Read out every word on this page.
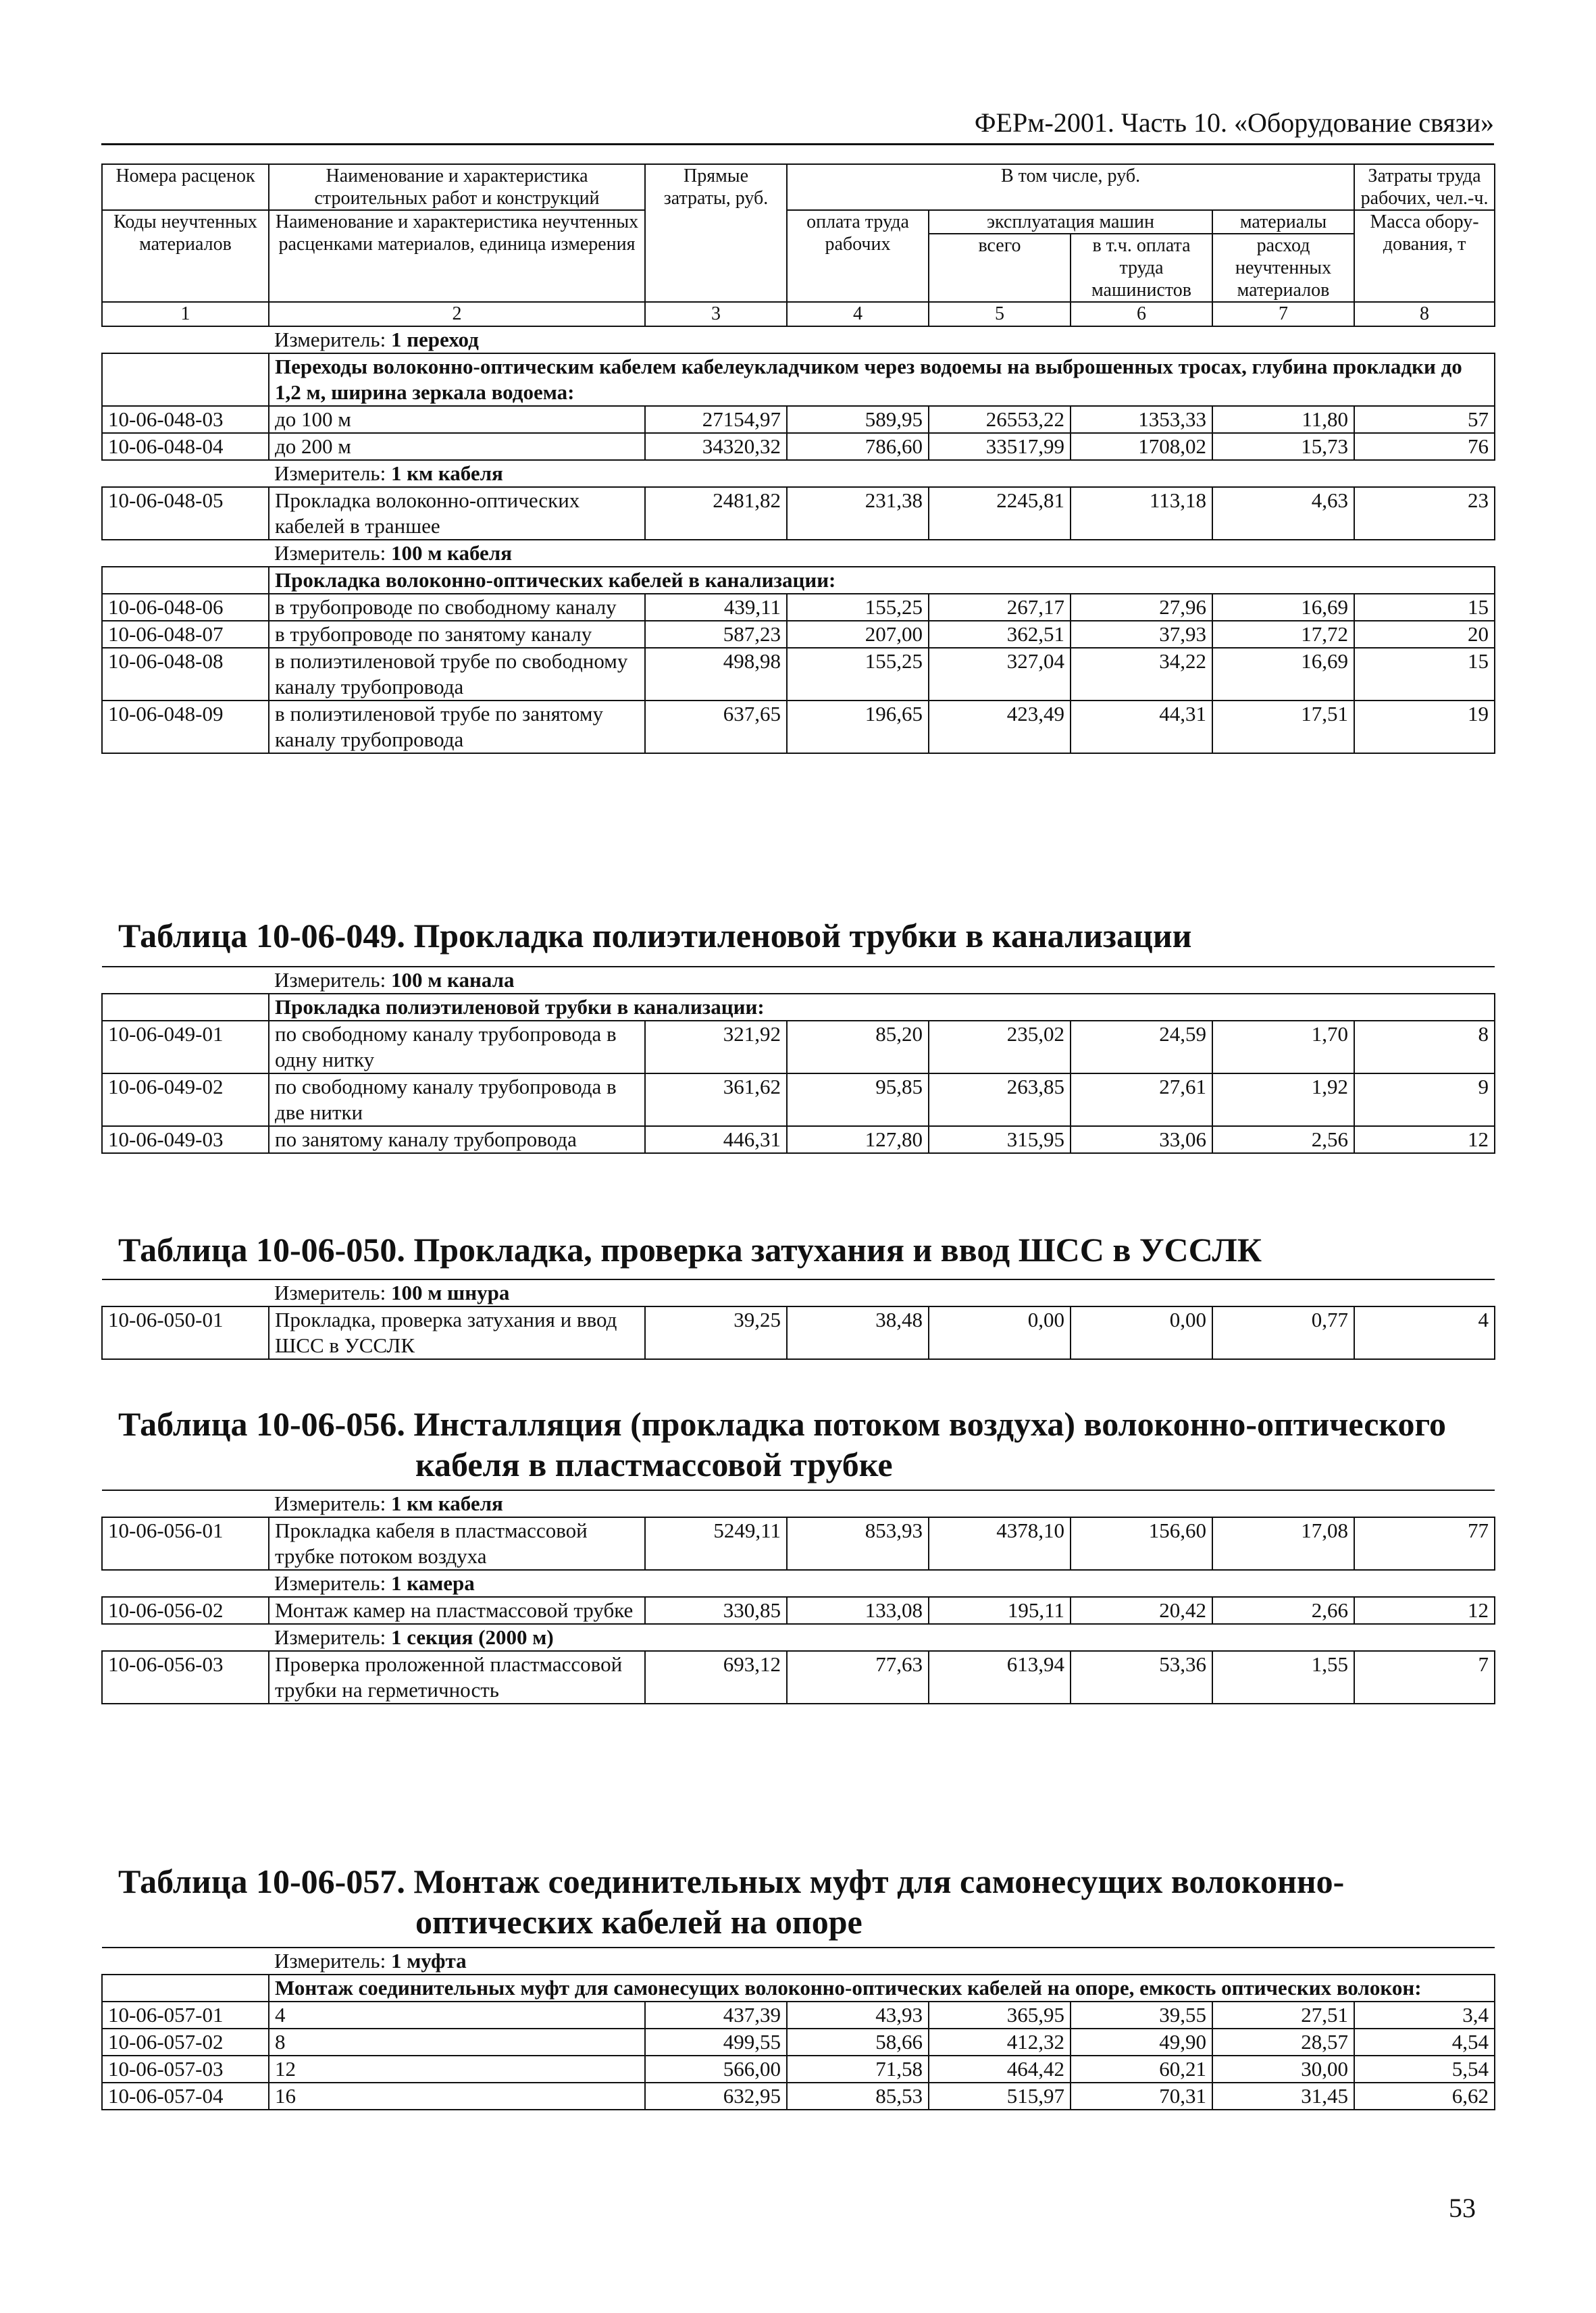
ФЕРм-2001. Часть 10. «Оборудование связи»
Номера расценок	Наименование и характеристика строительных работ и конструкций	Прямые затраты, руб.	В том числе, руб.				Затраты труда рабочих, чел.-ч.
Коды неучтенных материалов	Наименование и характеристика неучтенных расценками материалов, единица измерения		оплата труда рабочих	эксплуатация машин		материалы	Масса обору-дования, т
				всего	в т.ч. оплата труда машинистов	расход неучтенных материалов	
1	2	3	4	5	6	7	8
	Измеритель: 1 переход						
	Переходы волоконно-оптическим кабелем кабелеукладчиком через водоемы на выброшенных тросах, глубина прокладки до 1,2 м, ширина зеркала водоема:						
10-06-048-03	до 100 м	27154,97	589,95	26553,22	1353,33	11,80	57
10-06-048-04	до 200 м	34320,32	786,60	33517,99	1708,02	15,73	76
	Измеритель: 1 км кабеля						
10-06-048-05	Прокладка волоконно-оптических кабелей в траншее	2481,82	231,38	2245,81	113,18	4,63	23
	Измеритель: 100 м кабеля						
	Прокладка волоконно-оптических кабелей в канализации:						
10-06-048-06	в трубопроводе по свободному каналу	439,11	155,25	267,17	27,96	16,69	15
10-06-048-07	в трубопроводе по занятому каналу	587,23	207,00	362,51	37,93	17,72	20
10-06-048-08	в полиэтиленовой трубе по свободному каналу трубопровода	498,98	155,25	327,04	34,22	16,69	15
10-06-048-09	в полиэтиленовой трубе по занятому каналу трубопровода	637,65	196,65	423,49	44,31	17,51	19
Таблица 10-06-049. Прокладка полиэтиленовой трубки в канализации
	Измеритель: 100 м канала						
	Прокладка полиэтиленовой трубки в канализации:						
10-06-049-01	по свободному каналу трубопровода в одну нитку	321,92	85,20	235,02	24,59	1,70	8
10-06-049-02	по свободному каналу трубопровода в две нитки	361,62	95,85	263,85	27,61	1,92	9
10-06-049-03	по занятому каналу трубопровода	446,31	127,80	315,95	33,06	2,56	12
Таблица 10-06-050. Прокладка, проверка затухания и ввод ШСС в УССЛК
	Измеритель: 100 м шнура						
10-06-050-01	Прокладка, проверка затухания и ввод ШСС в УССЛК	39,25	38,48	0,00	0,00	0,77	4
Таблица 10-06-056. Инсталляция (прокладка потоком воздуха) волоконно-оптического
кабеля в пластмассовой трубке
	Измеритель: 1 км кабеля						
10-06-056-01	Прокладка кабеля в пластмассовой трубке потоком воздуха	5249,11	853,93	4378,10	156,60	17,08	77
	Измеритель: 1 камера						
10-06-056-02	Монтаж камер на пластмассовой трубке	330,85	133,08	195,11	20,42	2,66	12
	Измеритель: 1 секция (2000 м)						
10-06-056-03	Проверка проложенной пластмассовой трубки на герметичность	693,12	77,63	613,94	53,36	1,55	7
Таблица 10-06-057. Монтаж соединительных муфт для самонесущих волоконно-
оптических кабелей на опоре
	Измеритель: 1 муфта						
	Монтаж соединительных муфт для самонесущих волоконно-оптических кабелей на опоре, емкость оптических волокон:						
10-06-057-01	4	437,39	43,93	365,95	39,55	27,51	3,4
10-06-057-02	8	499,55	58,66	412,32	49,90	28,57	4,54
10-06-057-03	12	566,00	71,58	464,42	60,21	30,00	5,54
10-06-057-04	16	632,95	85,53	515,97	70,31	31,45	6,62
53
